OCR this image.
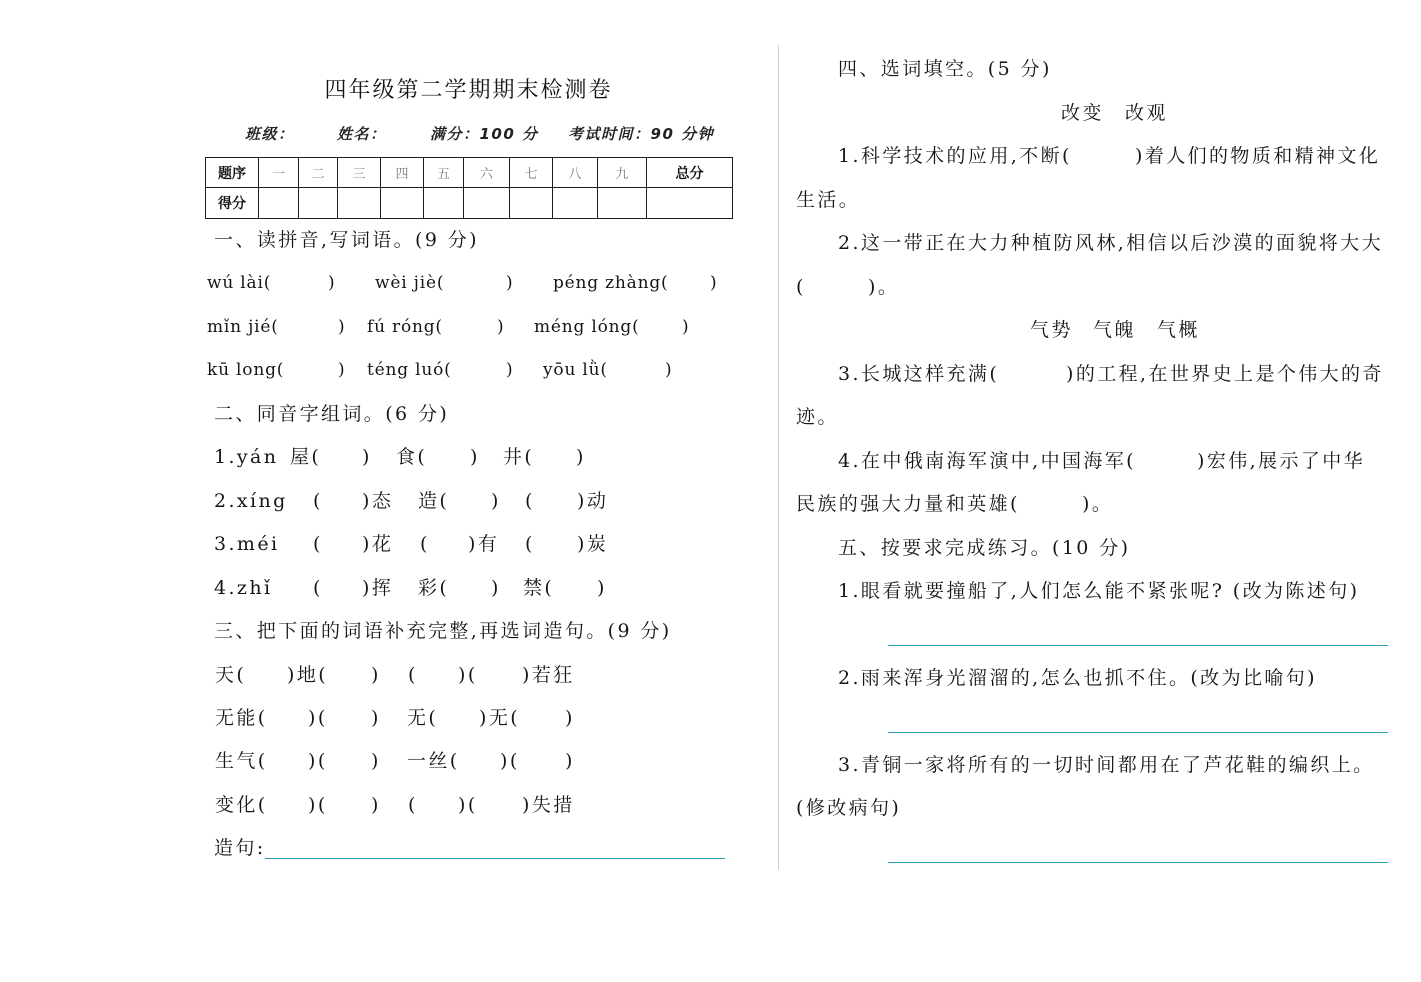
四年级第二学期期末检测卷
班级：	姓名：	满分：100 分 考试时间：90 分钟
题序	一	二	三	四	五	六	七	八	九	总分
得分										
一、读拼音,写词语。(9 分)
wú lài(	) wèi jiè(	) péng zhàng( )
mǐn jié(	) fú róng(	) méng lóng( )
kū long(	) téng luó(	) yōu lǜ(	)
二、同音字组词。(6 分)
1.yán 屋( ) 食( ) 井( )
2.xíng ( )态 造( ) ( )动
3.méi ( )花 ( )有 ( )炭
4.zhǐ ( )挥 彩( ) 禁( )
三、把下面的词语补充完整,再选词造句。(9 分)
天( )地( ) ( )( )若狂
无能( )( ) 无( )无( )
生气( )( ) 一丝( )( )
变化( )( ) ( )( )失措
造句:
四、选词填空。(5 分)
改变 改观
1.科学技术的应用,不断(	)着人们的物质和精神文化
生活。
2.这一带正在大力种植防风林,相信以后沙漠的面貌将大大
(	)。
气势 气魄 气概
3.长城这样充满(	)的工程,在世界史上是个伟大的奇
迹。
4.在中俄南海军演中,中国海军(	)宏伟,展示了中华
民族的强大力量和英雄(	)。
五、按要求完成练习。(10 分)
1.眼看就要撞船了,人们怎么能不紧张呢? (改为陈述句)
2.雨来浑身光溜溜的,怎么也抓不住。(改为比喻句)
3.青铜一家将所有的一切时间都用在了芦花鞋的编织上。
(修改病句)
